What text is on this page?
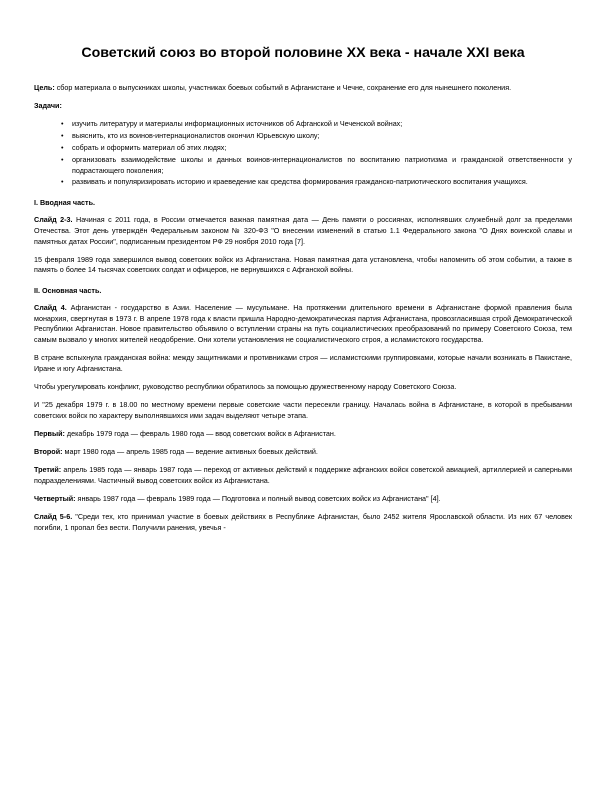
Советский союз во второй половине XX века - начале XXI века

Цель: сбор материала о выпускниках школы, участниках боевых событий в Афганистане и Чечне, сохранение его для нынешнего поколения.

Задачи:

• изучить литературу и материалы информационных источников об Афганской и Чеченской войнах;
• выяснить, кто из воинов-интернационалистов окончил Юрьевскую школу;
• собрать и оформить материал об этих людях;
• организовать взаимодействие школы и данных воинов-интернационалистов по воспитанию патриотизма и гражданской ответственности у подрастающего поколения;
• развивать и популяризировать историю и краеведение как средства формирования гражданско-патриотического воспитания учащихся.
I. Вводная часть.

Слайд 2-3. Начиная с 2011 года, в России отмечается важная памятная дата — День памяти о россиянах, исполнявших служебный долг за пределами Отечества. Этот день утверждён Федеральным законом № 320-ФЗ "О внесении изменений в статью 1.1 Федерального закона "О Днях воинской славы и памятных датах России", подписанным президентом РФ 29 ноября 2010 года [7].

15 февраля 1989 года завершился вывод советских войск из Афганистана. Новая памятная дата установлена, чтобы напомнить об этом событии, а также в память о более 14 тысячах советских солдат и офицеров, не вернувшихся с Афганской войны.

II. Основная часть.

Слайд 4. Афганистан - государство в Азии. Население — мусульмане. На протяжении длительного времени в Афганистане формой правления была монархия, свергнутая в 1973 г. В апреле 1978 года к власти пришла Народно-демократическая партия Афганистана, провозгласившая строй Демократической Республики Афганистан. Новое правительство объявило о вступлении страны на путь социалистических преобразований по примеру Советского Союза, тем самым вызвало у многих жителей неодобрение. Они хотели установления не социалистического строя, а исламистского государства.

В стране вспыхнула гражданская война: между защитниками и противниками строя — исламистскими группировками, которые начали возникать в Пакистане, Иране и югу Афганистана.

Чтобы урегулировать конфликт, руководство республики обратилось за помощью дружественному народу Советского Союза.

И "25 декабря 1979 г. в 18.00 по местному времени первые советские части пересекли границу. Началась война в Афганистане, в которой в пребывании советских войск по характеру выполнявшихся ими задач выделяют четыре этапа.

Первый: декабрь 1979 года — февраль 1980 года — ввод советских войск в Афганистан.

Второй: март 1980 года — апрель 1985 года — ведение активных боевых действий.

Третий: апрель 1985 года — январь 1987 года — переход от активных действий к поддержке афганских войск советской авиацией, артиллерией и саперными подразделениями. Частичный вывод советских войск из Афганистана.

Четвертый: январь 1987 года — февраль 1989 года — Подготовка и полный вывод советских войск из Афганистана" [4].

Слайд 5-6. "Среди тех, кто принимал участие в боевых действиях в Республике Афганистан, было 2452 жителя Ярославской области. Из них 67 человек погибли, 1 пропал без вести. Получили ранения, увечья -
